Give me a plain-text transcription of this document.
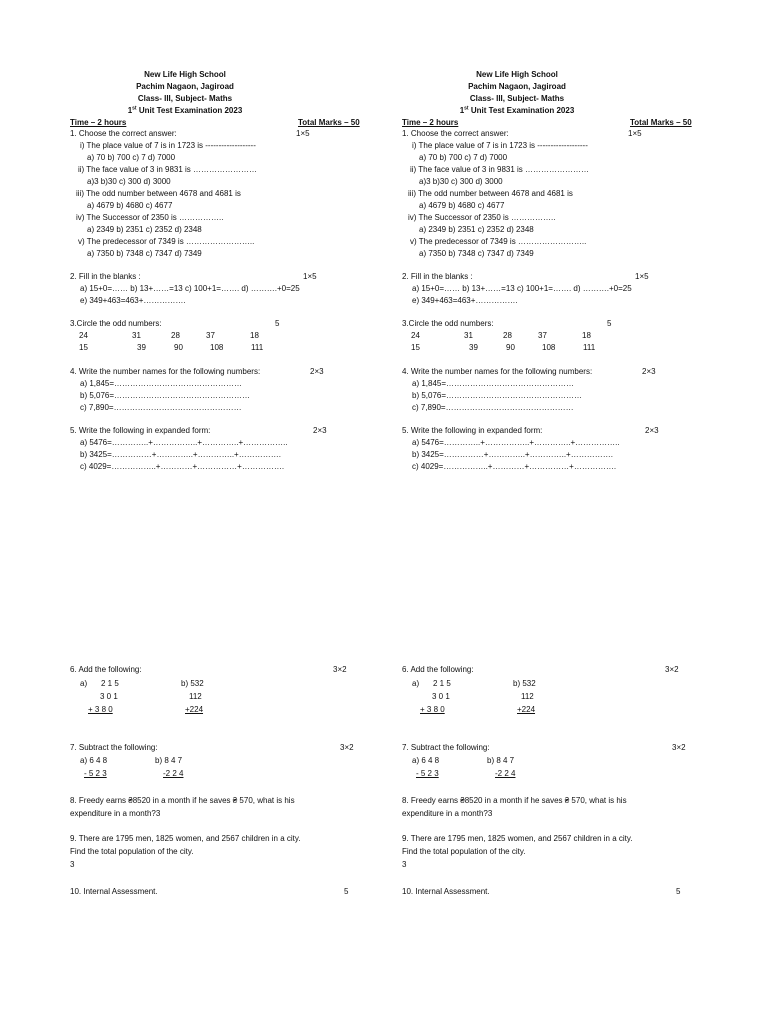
New Life High School
Pachim Nagaon, Jagiroad
Class- III, Subject- Maths
1st Unit Test Examination 2023
Time – 2 hours	Total Marks – 50
1. Choose the correct answer:	1×5
i) The place value of 7 is in 1723 is -------------------
a) 70 b) 700 c) 7 d) 7000
ii) The face value of 3 in 9831 is ……………………
a)3 b)30 c) 300 d) 3000
iii) The odd number between 4678 and 4681 is
a) 4679 b) 4680 c) 4677
iv) The Successor of 2350 is ……………..
a) 2349 b) 2351 c) 2352 d) 2348
v) The predecessor of 7349 is ……………………..
a) 7350 b) 7348 c) 7347 d) 7349
2. Fill in the blanks :	1×5
a) 15+0=…… b) 13+……=13 c) 100+1=……. d) ……….+0=25
e) 349+463=463+…………….
3.Circle the odd numbers:	5
24	31	28	37	18
15	39	90	108	111
4. Write the number names for the following numbers:	2×3
a) 1,845=…………………………………………
b) 5,076=……………………………………………
c) 7,890=…………………………………………
5. Write the following in expanded form:	2×3
a) 5476=…………..+……………..+…………..+……………..
b) 3425=……………+…………..+…………..+…………….
c) 4029=……………..+…………+……………+…………….
6. Add the following:	3×2
a) 2 1 5
3 0 1
+ 3 8 0
b) 532
112
+224
7. Subtract the following:	3×2
a) 6 4 8
- 5 2 3
b) 8 4 7
-2 2 4
8. Freedy earns ₴8520 in a month if he saves ₴ 570, what is his
expenditure in a month?3
9. There are 1795 men, 1825 women, and 2567 children in a city.
Find the total population of the city.
3
10. Internal Assessment.	5
New Life High School
Pachim Nagaon, Jagiroad
Class- III, Subject- Maths
1st Unit Test Examination 2023
Time – 2 hours	Total Marks – 50
1. Choose the correct answer:	1×5
i) The place value of 7 is in 1723 is -------------------
a) 70 b) 700 c) 7 d) 7000
ii) The face value of 3 in 9831 is ……………………
a)3 b)30 c) 300 d) 3000
iii) The odd number between 4678 and 4681 is
a) 4679 b) 4680 c) 4677
iv) The Successor of 2350 is ……………..
a) 2349 b) 2351 c) 2352 d) 2348
v) The predecessor of 7349 is ……………………..
a) 7350 b) 7348 c) 7347 d) 7349
2. Fill in the blanks :	1×5
a) 15+0=…… b) 13+……=13 c) 100+1=……. d) ……….+0=25
e) 349+463=463+…………….
3.Circle the odd numbers:	5
24	31	28	37	18
15	39	90	108	111
4. Write the number names for the following numbers:	2×3
a) 1,845=…………………………………………
b) 5,076=……………………………………………
c) 7,890=…………………………………………
5. Write the following in expanded form:	2×3
a) 5476=…………..+……………..+…………..+……………..
b) 3425=……………+…………..+…………..+…………….
c) 4029=……………..+…………+……………+…………….
6. Add the following:	3×2
a) 2 1 5
3 0 1
+ 3 8 0
b) 532
112
+224
7. Subtract the following:	3×2
a) 6 4 8
- 5 2 3
b) 8 4 7
-2 2 4
8. Freedy earns ₴8520 in a month if he saves ₴ 570, what is his
expenditure in a month?3
9. There are 1795 men, 1825 women, and 2567 children in a city.
Find the total population of the city.
3
10. Internal Assessment.	5
